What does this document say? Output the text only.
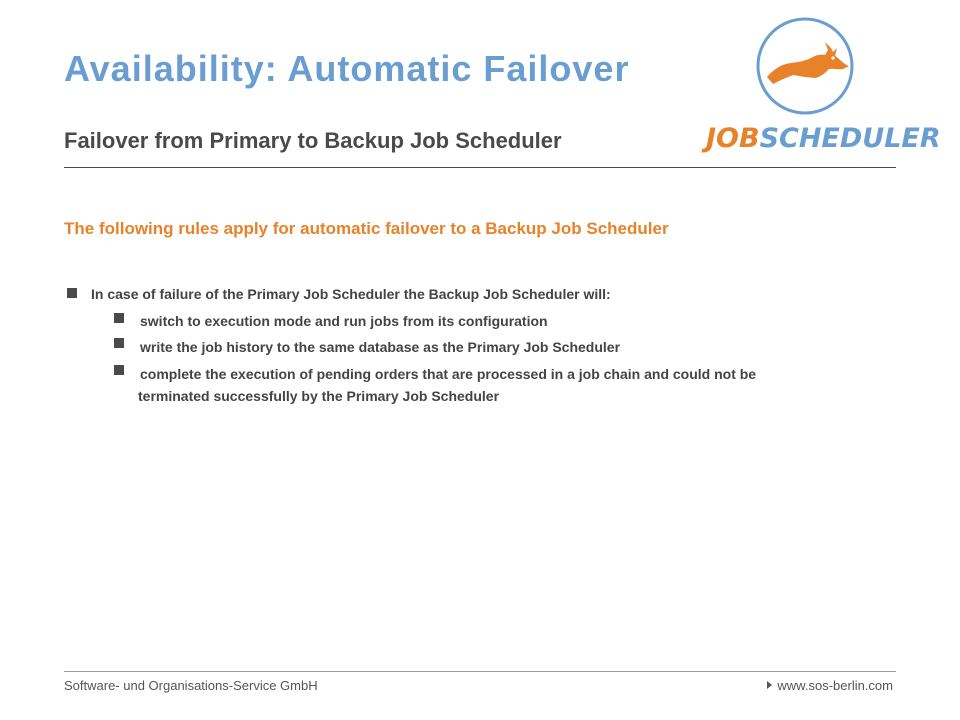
Availability: Automatic Failover
Failover from Primary to Backup Job Scheduler	JOBSCHEDULER
The following rules apply for automatic failover to a Backup Job Scheduler
In case of failure of the Primary Job Scheduler the Backup Job Scheduler will:
switch to execution mode and run jobs from its configuration
write the job history to the same database as the Primary Job Scheduler
complete the execution of pending orders that are processed in a job chain and could not be
terminated successfully by the Primary Job Scheduler
Software- und Organisations-Service GmbH	www.sos-berlin.com
